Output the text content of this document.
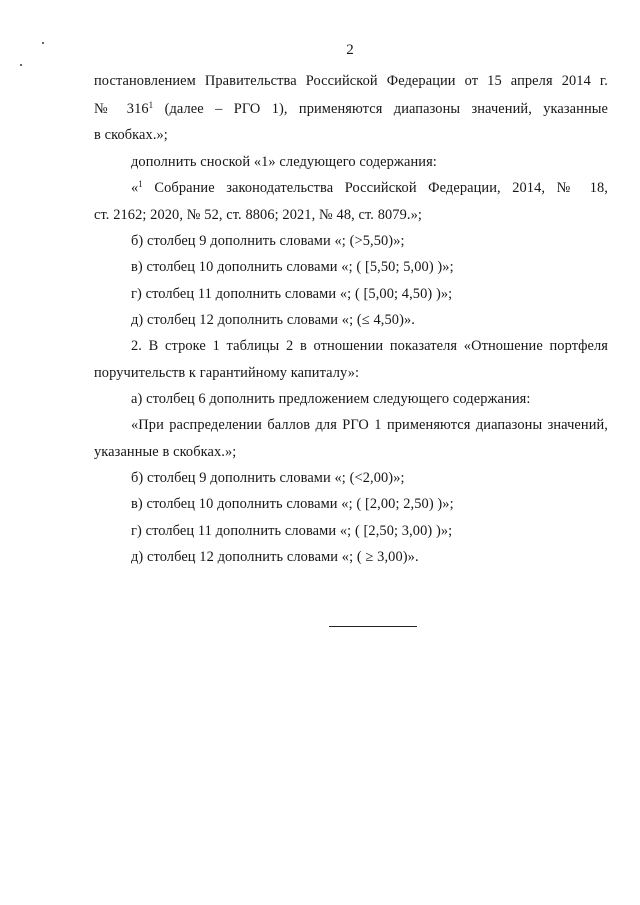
2
постановлением Правительства Российской Федерации от 15 апреля 2014 г.
№ $316^1$ (далее – РГО 1), применяются диапазоны значений, указанные
в скобках.»;
дополнить сноской «1» следующего содержания:
«$^1$ Собрание законодательства Российской Федерации, 2014, № 18,
ст. 2162; 2020, № 52, ст. 8806; 2021, № 48, ст. 8079.»;
б) столбец 9 дополнить словами «; (>5,50)»;
в) столбец 10 дополнить словами «; ( [5,50; 5,00) )»;
г) столбец 11 дополнить словами «; ( [5,00; 4,50) )»;
д) столбец 12 дополнить словами «; (≤ 4,50)».
2. В строке 1 таблицы 2 в отношении показателя «Отношение портфеля
поручительств к гарантийному капиталу»:
а) столбец 6 дополнить предложением следующего содержания:
«При распределении баллов для РГО 1 применяются диапазоны значений,
указанные в скобках.»;
б) столбец 9 дополнить словами «; (<2,00)»;
в) столбец 10 дополнить словами «; ( [2,00; 2,50) )»;
г) столбец 11 дополнить словами «; ( [2,50; 3,00) )»;
д) столбец 12 дополнить словами «; ( ≥ 3,00)».
